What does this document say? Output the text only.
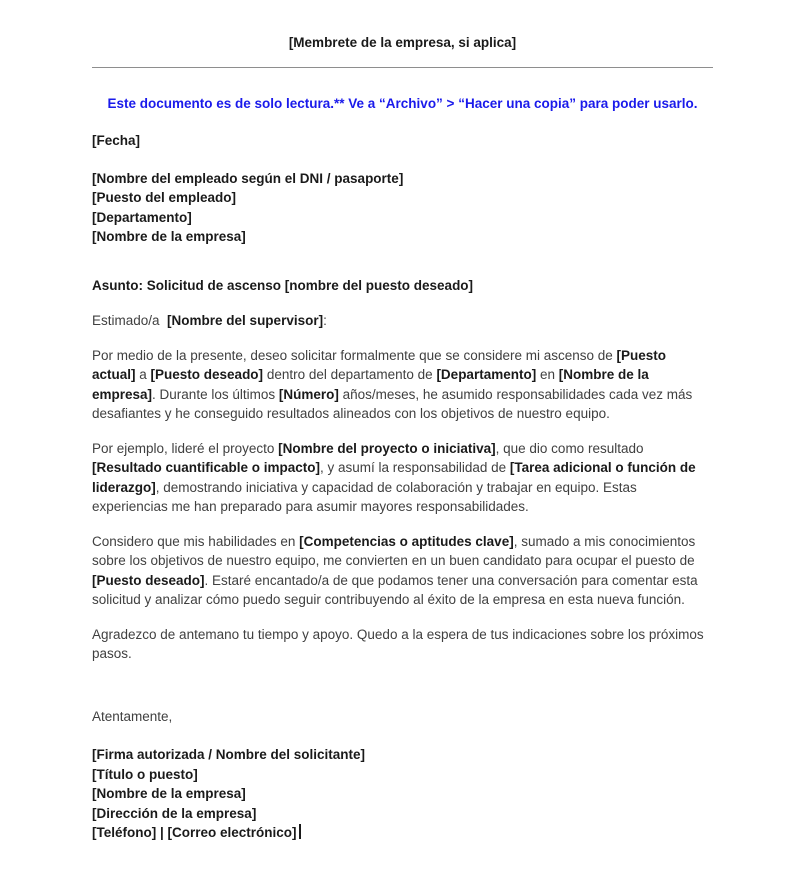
[Membrete de la empresa, si aplica]

Este documento es de solo lectura.** Ve a “Archivo” > “Hacer una copia” para poder usarlo.

[Fecha]

[Nombre del empleado según el DNI / pasaporte]

[Puesto del empleado]

[Departamento]

[Nombre de la empresa]

Asunto: Solicitud de ascenso [nombre del puesto deseado]

Estimado/a  [Nombre del supervisor]:

Por medio de la presente, deseo solicitar formalmente que se considere mi ascenso de [Puesto actual] a [Puesto deseado] dentro del departamento de [Departamento] en [Nombre de la empresa]. Durante los últimos [Número] años/meses, he asumido responsabilidades cada vez más desafiantes y he conseguido resultados alineados con los objetivos de nuestro equipo.

Por ejemplo, lideré el proyecto [Nombre del proyecto o iniciativa], que dio como resultado [Resultado cuantificable o impacto], y asumí la responsabilidad de [Tarea adicional o función de liderazgo], demostrando iniciativa y capacidad de colaboración y trabajar en equipo. Estas experiencias me han preparado para asumir mayores responsabilidades.

Considero que mis habilidades en [Competencias o aptitudes clave], sumado a mis conocimientos sobre los objetivos de nuestro equipo, me convierten en un buen candidato para ocupar el puesto de [Puesto deseado]. Estaré encantado/a de que podamos tener una conversación para comentar esta solicitud y analizar cómo puedo seguir contribuyendo al éxito de la empresa en esta nueva función.

Agradezco de antemano tu tiempo y apoyo. Quedo a la espera de tus indicaciones sobre los próximos pasos.

Atentamente,

[Firma autorizada / Nombre del solicitante]

[Título o puesto]

[Nombre de la empresa]

[Dirección de la empresa]

[Teléfono] | [Correo electrónico]
